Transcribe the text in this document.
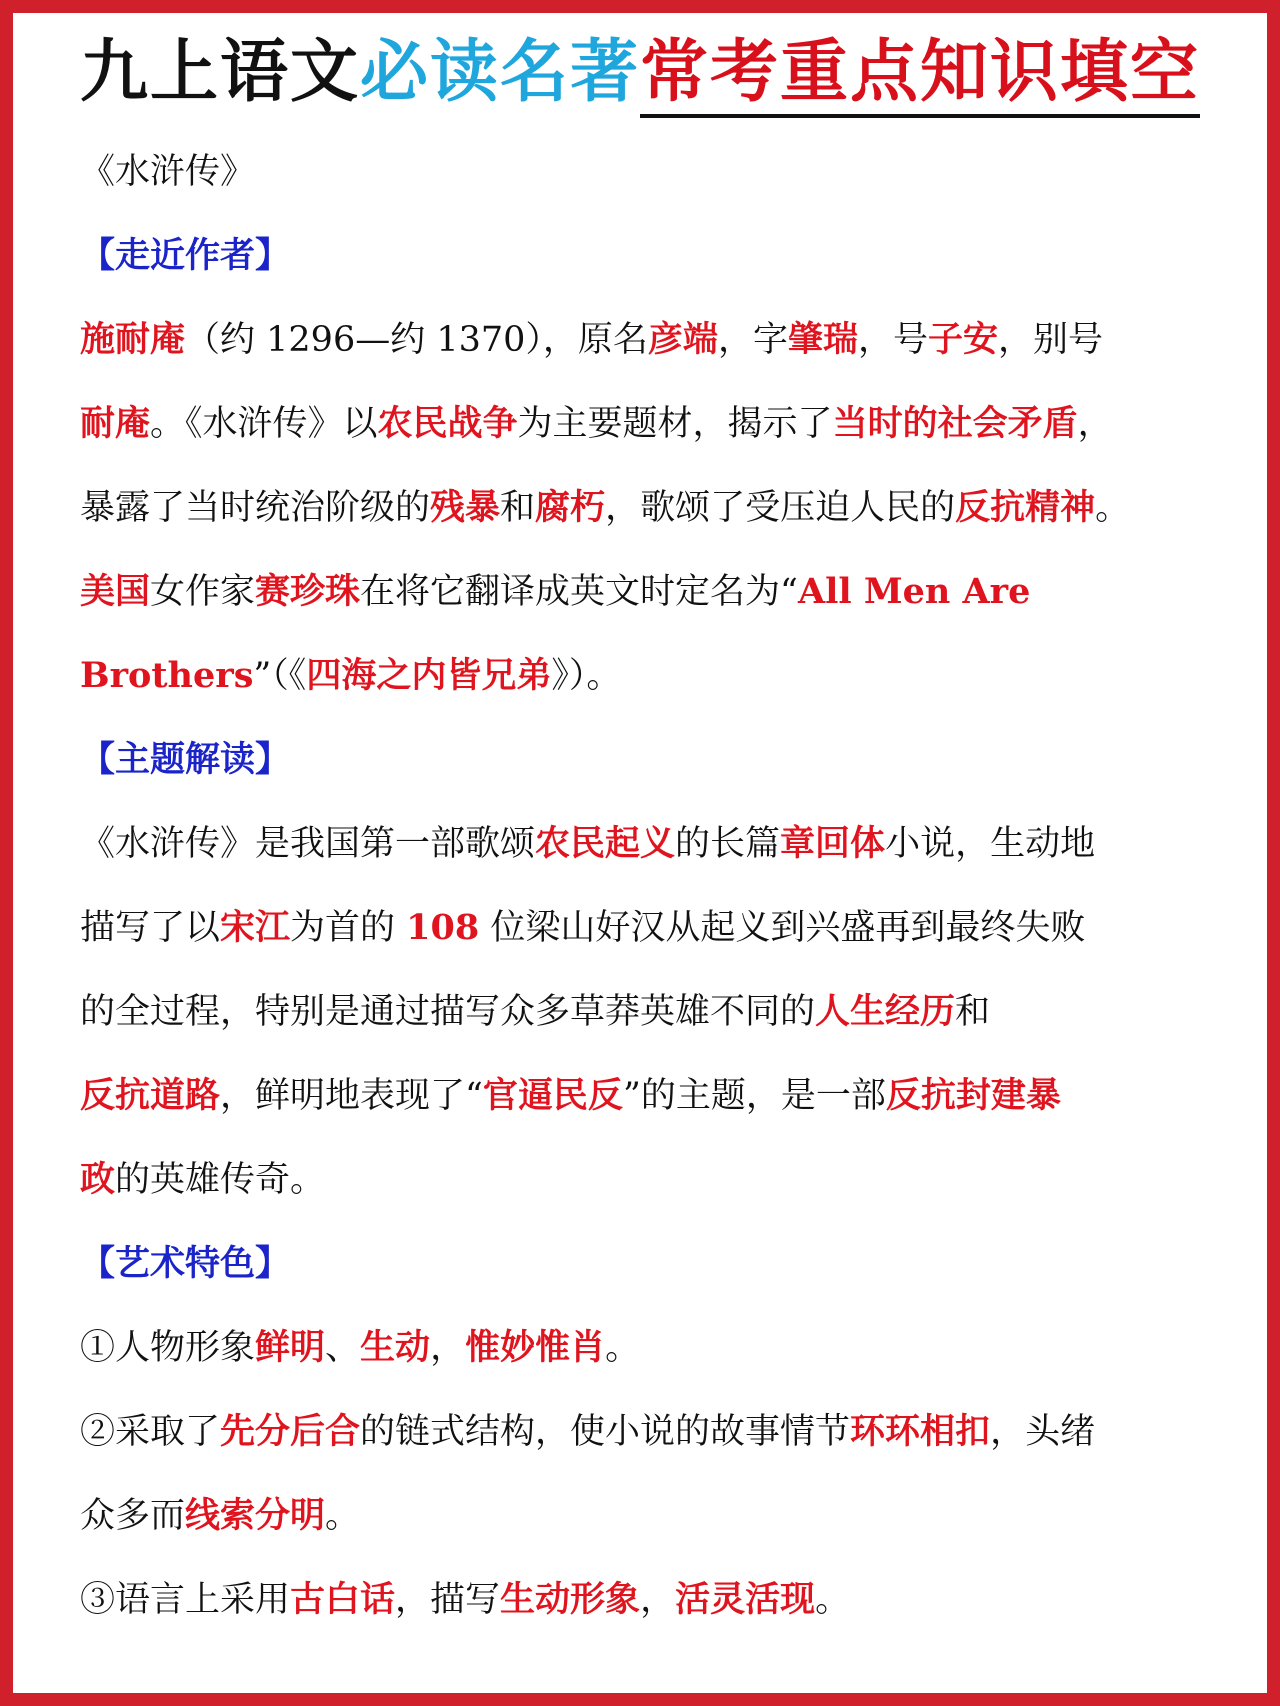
九上语文必读名著常考重点知识填空
《水浒传》
【走近作者】
施耐庵（约 1296—约 1370），原名彦端，字肇瑞，号子安，别号
耐庵。《水浒传》以农民战争为主要题材，揭示了当时的社会矛盾，
暴露了当时统治阶级的残暴和腐朽，歌颂了受压迫人民的反抗精神。
美国女作家赛珍珠在将它翻译成英文时定名为“All Men Are
Brothers”（《四海之内皆兄弟》）。
【主题解读】
《水浒传》是我国第一部歌颂农民起义的长篇章回体小说，生动地
描写了以宋江为首的 108 位梁山好汉从起义到兴盛再到最终失败
的全过程，特别是通过描写众多草莽英雄不同的人生经历和
反抗道路，鲜明地表现了“官逼民反”的主题，是一部反抗封建暴
政的英雄传奇。
【艺术特色】
①人物形象鲜明、生动，惟妙惟肖。
②采取了先分后合的链式结构，使小说的故事情节环环相扣，头绪
众多而线索分明。
③语言上采用古白话，描写生动形象，活灵活现。
